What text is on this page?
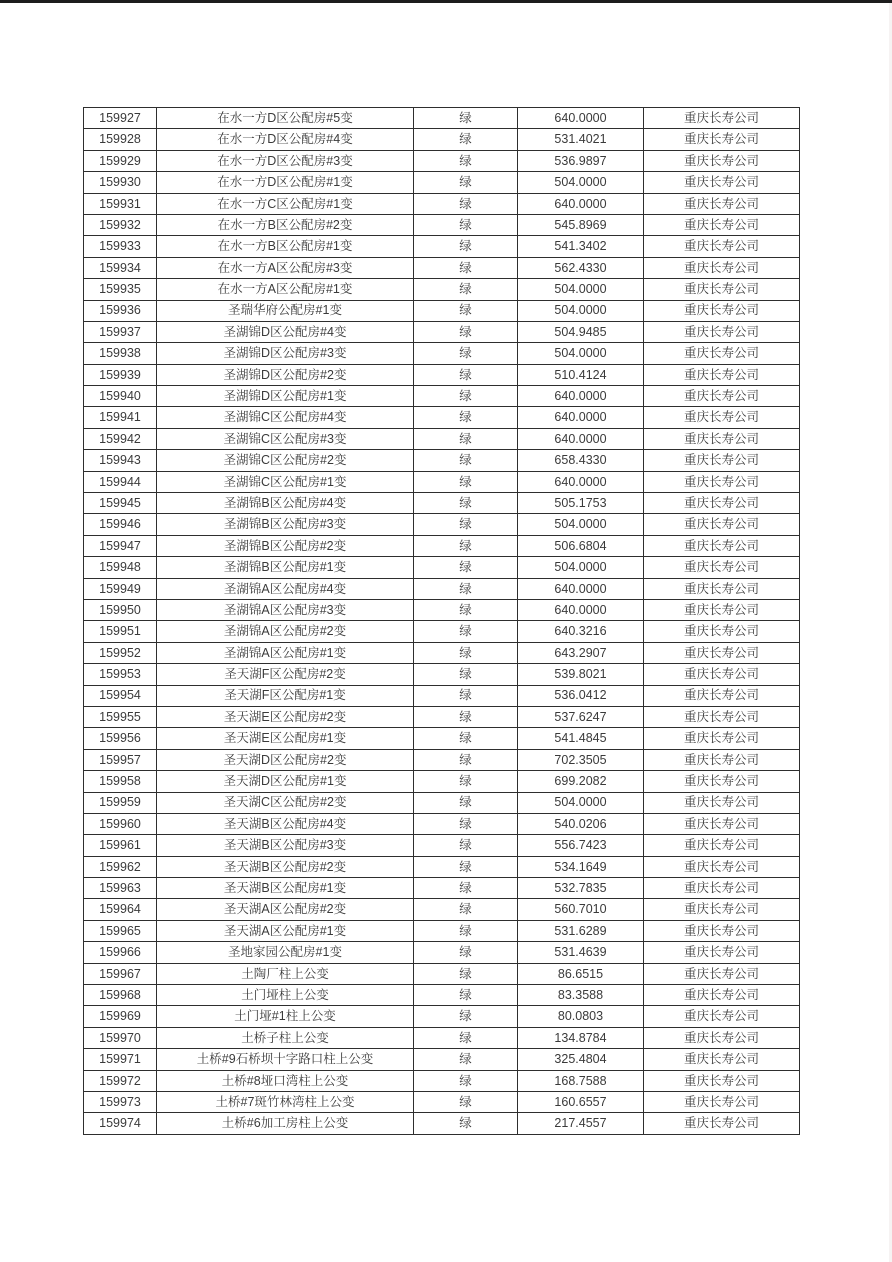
159927	在水一方D区公配房#5变	绿	640.0000	重庆长寿公司
159928	在水一方D区公配房#4变	绿	531.4021	重庆长寿公司
159929	在水一方D区公配房#3变	绿	536.9897	重庆长寿公司
159930	在水一方D区公配房#1变	绿	504.0000	重庆长寿公司
159931	在水一方C区公配房#1变	绿	640.0000	重庆长寿公司
159932	在水一方B区公配房#2变	绿	545.8969	重庆长寿公司
159933	在水一方B区公配房#1变	绿	541.3402	重庆长寿公司
159934	在水一方A区公配房#3变	绿	562.4330	重庆长寿公司
159935	在水一方A区公配房#1变	绿	504.0000	重庆长寿公司
159936	圣瑞华府公配房#1变	绿	504.0000	重庆长寿公司
159937	圣湖锦D区公配房#4变	绿	504.9485	重庆长寿公司
159938	圣湖锦D区公配房#3变	绿	504.0000	重庆长寿公司
159939	圣湖锦D区公配房#2变	绿	510.4124	重庆长寿公司
159940	圣湖锦D区公配房#1变	绿	640.0000	重庆长寿公司
159941	圣湖锦C区公配房#4变	绿	640.0000	重庆长寿公司
159942	圣湖锦C区公配房#3变	绿	640.0000	重庆长寿公司
159943	圣湖锦C区公配房#2变	绿	658.4330	重庆长寿公司
159944	圣湖锦C区公配房#1变	绿	640.0000	重庆长寿公司
159945	圣湖锦B区公配房#4变	绿	505.1753	重庆长寿公司
159946	圣湖锦B区公配房#3变	绿	504.0000	重庆长寿公司
159947	圣湖锦B区公配房#2变	绿	506.6804	重庆长寿公司
159948	圣湖锦B区公配房#1变	绿	504.0000	重庆长寿公司
159949	圣湖锦A区公配房#4变	绿	640.0000	重庆长寿公司
159950	圣湖锦A区公配房#3变	绿	640.0000	重庆长寿公司
159951	圣湖锦A区公配房#2变	绿	640.3216	重庆长寿公司
159952	圣湖锦A区公配房#1变	绿	643.2907	重庆长寿公司
159953	圣天湖F区公配房#2变	绿	539.8021	重庆长寿公司
159954	圣天湖F区公配房#1变	绿	536.0412	重庆长寿公司
159955	圣天湖E区公配房#2变	绿	537.6247	重庆长寿公司
159956	圣天湖E区公配房#1变	绿	541.4845	重庆长寿公司
159957	圣天湖D区公配房#2变	绿	702.3505	重庆长寿公司
159958	圣天湖D区公配房#1变	绿	699.2082	重庆长寿公司
159959	圣天湖C区公配房#2变	绿	504.0000	重庆长寿公司
159960	圣天湖B区公配房#4变	绿	540.0206	重庆长寿公司
159961	圣天湖B区公配房#3变	绿	556.7423	重庆长寿公司
159962	圣天湖B区公配房#2变	绿	534.1649	重庆长寿公司
159963	圣天湖B区公配房#1变	绿	532.7835	重庆长寿公司
159964	圣天湖A区公配房#2变	绿	560.7010	重庆长寿公司
159965	圣天湖A区公配房#1变	绿	531.6289	重庆长寿公司
159966	圣地家园公配房#1变	绿	531.4639	重庆长寿公司
159967	土陶厂柱上公变	绿	86.6515	重庆长寿公司
159968	土门垭柱上公变	绿	83.3588	重庆长寿公司
159969	土门垭#1柱上公变	绿	80.0803	重庆长寿公司
159970	土桥子柱上公变	绿	134.8784	重庆长寿公司
159971	土桥#9石桥坝十字路口柱上公变	绿	325.4804	重庆长寿公司
159972	土桥#8垭口湾柱上公变	绿	168.7588	重庆长寿公司
159973	土桥#7斑竹林湾柱上公变	绿	160.6557	重庆长寿公司
159974	土桥#6加工房柱上公变	绿	217.4557	重庆长寿公司
